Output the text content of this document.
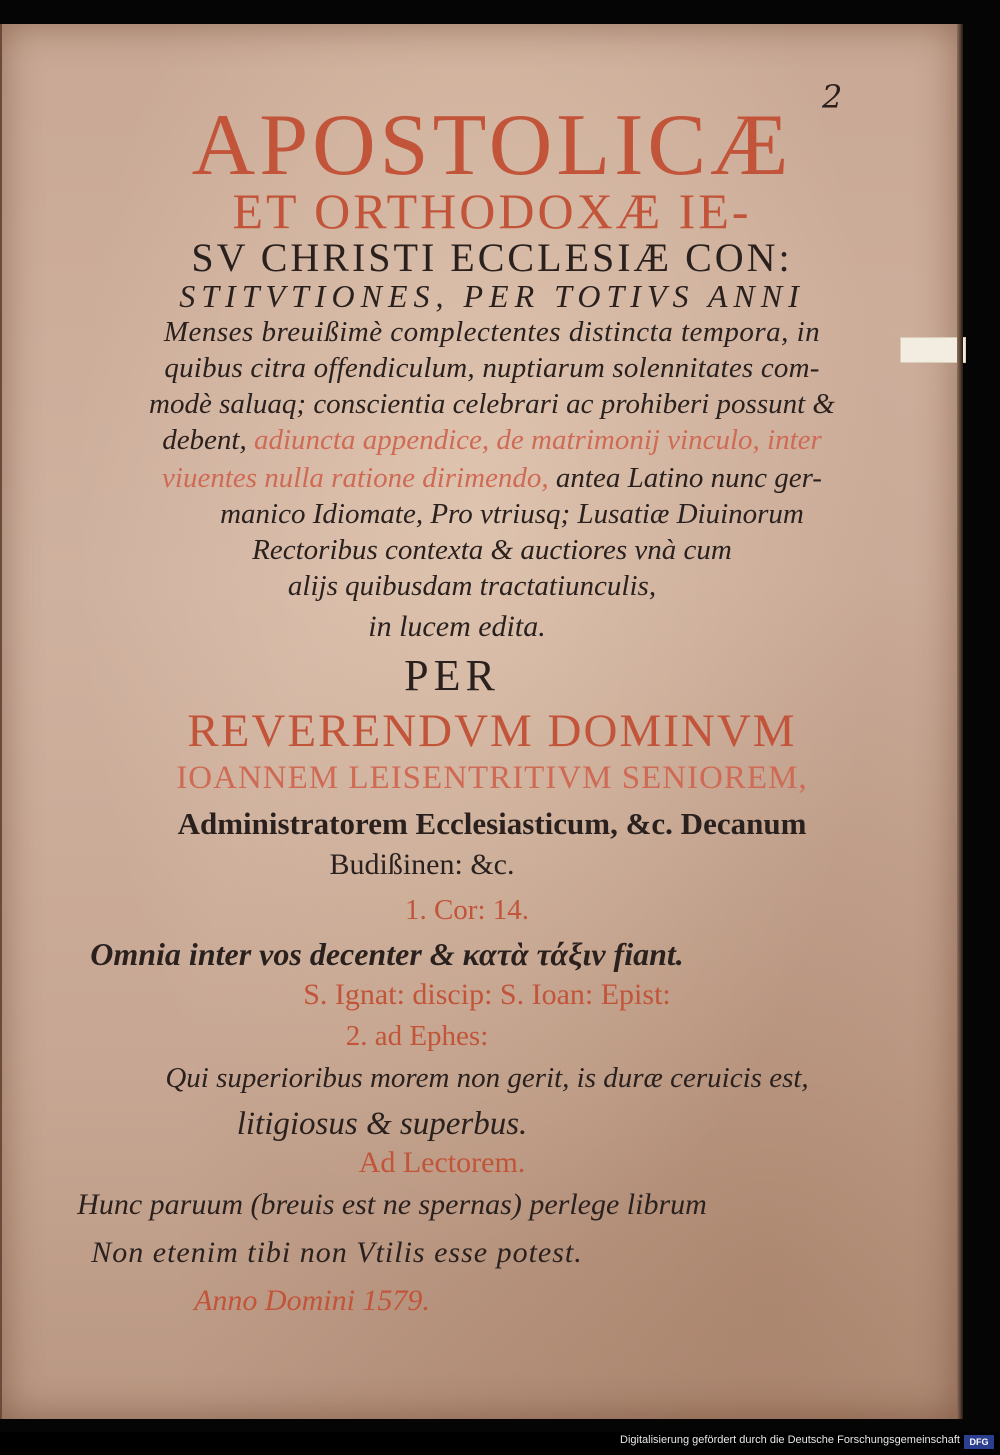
2

APOSTOLICÆ

ET ORTHODOXÆ IE-

SV CHRISTI ECCLESIÆ CON:

STITVTIONES, PER TOTIVS ANNI

Menses breuißimè complectentes distincta tempora, in

quibus citra offendiculum, nuptiarum solennitates com-

modè saluaq; conscientia celebrari ac prohiberi possunt &

debent, adiuncta appendice, de matrimonij vinculo, inter

viuentes nulla ratione dirimendo, antea Latino nunc ger-

manico Idiomate, Pro vtriusq; Lusatiæ Diuinorum

Rectoribus contexta & auctiores vnà cum

alijs quibusdam tractatiunculis,

in lucem edita.

PER

REVERENDVM DOMINVM

IOANNEM LEISENTRITIVM SENIOREM,

Administratorem Ecclesiasticum, &c. Decanum

Budißinen: &c.

1. Cor: 14.

Omnia inter vos decenter & κατὰ τάξιν fiant.

S. Ignat: discip: S. Ioan: Epist:

2. ad Ephes:

Qui superioribus morem non gerit, is duræ ceruicis est,

litigiosus & superbus.

Ad Lectorem.

Hunc paruum (breuis est ne spernas) perlege librum

Non etenim tibi non Vtilis esse potest.

Anno Domini 1579.

Digitalisierung gefördert durch die Deutsche Forschungsgemeinschaft	DFG
